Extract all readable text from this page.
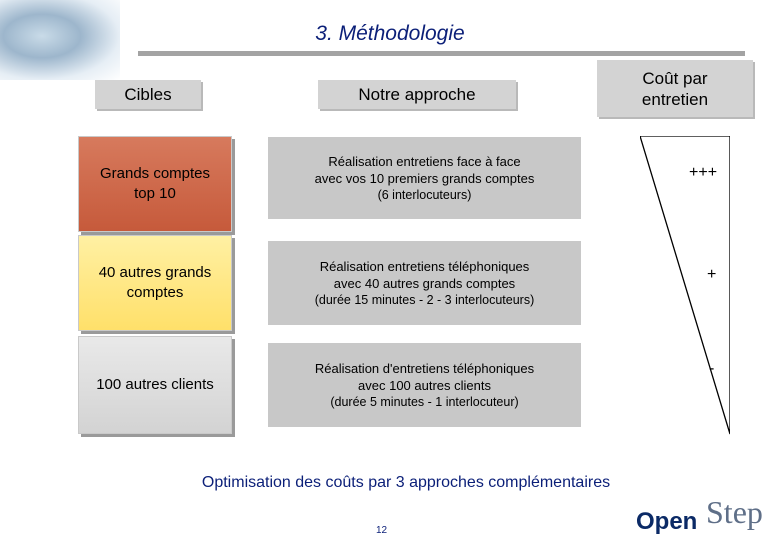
3. Méthodologie
Cibles	Notre approche
Coût par
entretien
Grands comptes
top 10
40 autres grands
comptes
100 autres clients
Réalisation entretiens face à face
avec vos 10 premiers grands comptes
(6 interlocuteurs)
Réalisation entretiens téléphoniques
avec 40 autres grands comptes
(durée 15 minutes - 2 - 3 interlocuteurs)
Réalisation d'entretiens téléphoniques
avec 100 autres clients
(durée 5 minutes - 1 interlocuteur)
+++
+
-
Optimisation des coûts par 3 approches complémentaires
12	Open Step
